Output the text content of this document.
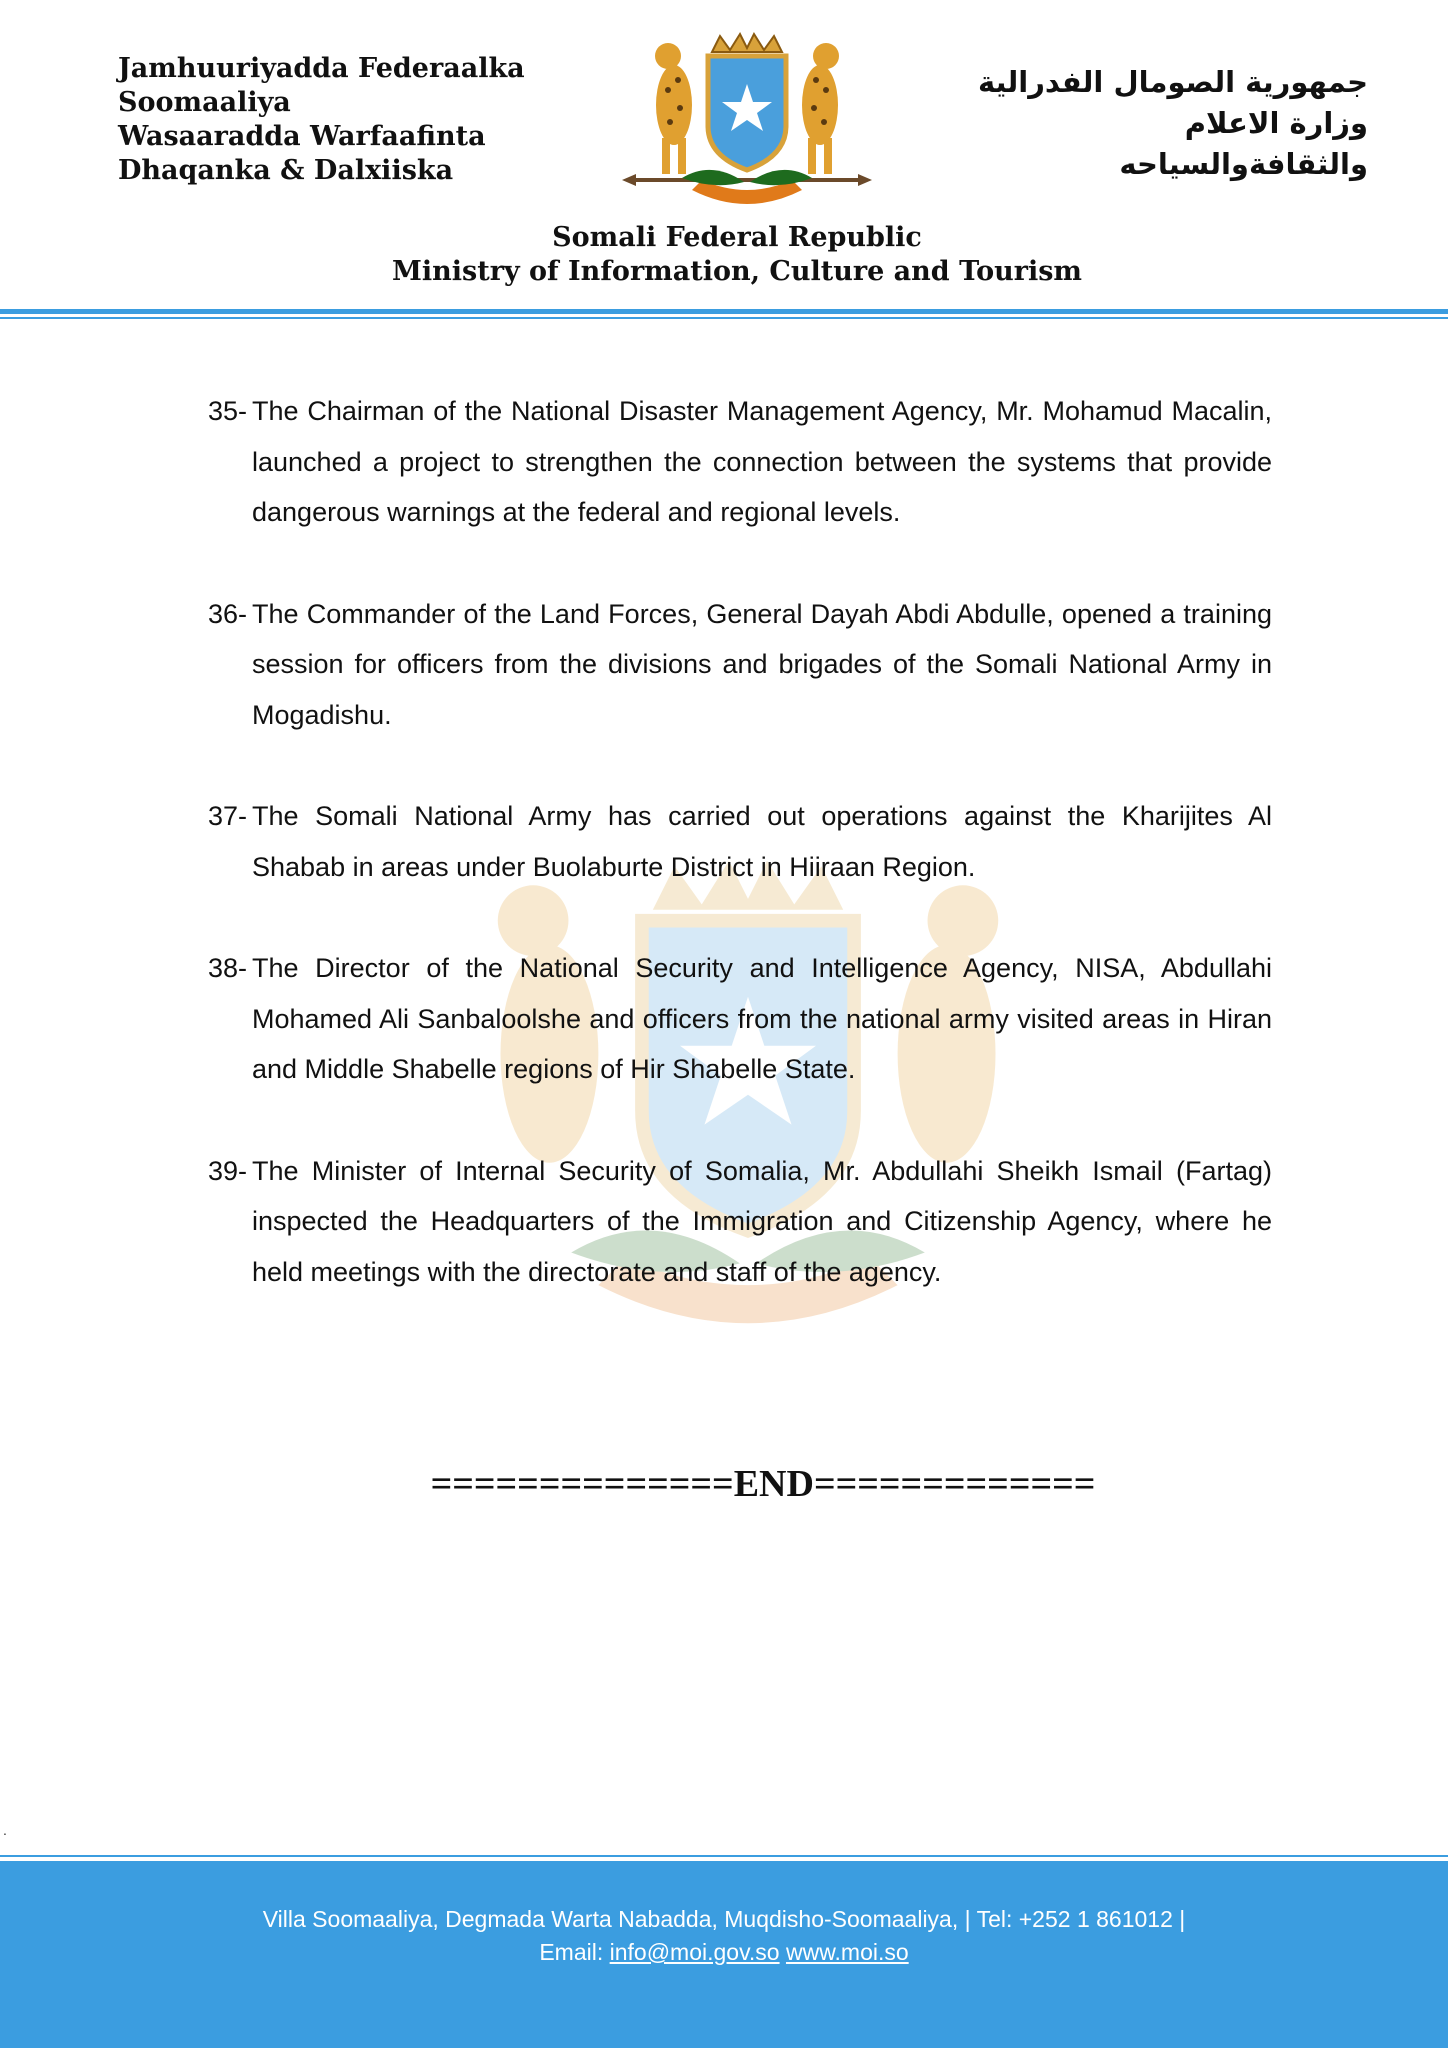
Jamhuuriyadda Federaalka
Soomaaliya
Wasaaradda Warfaafinta
Dhaqanka & Dalxiiska
جمهورية الصومال الفدرالية
وزارة الاعلام
والثقافةوالسياحه
Somali Federal Republic
Ministry of Information, Culture and Tourism
35- The Chairman of the National Disaster Management Agency, Mr. Mohamud Macalin, launched a project to strengthen the connection between the systems that provide dangerous warnings at the federal and regional levels.
36- The Commander of the Land Forces, General Dayah Abdi Abdulle, opened a training session for officers from the divisions and brigades of the Somali National Army in Mogadishu.
37- The Somali National Army has carried out operations against the Kharijites Al Shabab in areas under Buolaburte District in Hiiraan Region.
38- The Director of the National Security and Intelligence Agency, NISA, Abdullahi Mohamed Ali Sanbaloolshe and officers from the national army visited areas in Hiran and Middle Shabelle regions of Hir Shabelle State.
39- The Minister of Internal Security of Somalia, Mr. Abdullahi Sheikh Ismail (Fartag) inspected the Headquarters of the Immigration and Citizenship Agency, where he held meetings with the directorate and staff of the agency.
==============END=============
.
Villa Soomaaliya, Degmada Warta Nabadda, Muqdisho-Soomaaliya, | Tel: +252 1 861012 |
Email: info@moi.gov.so www.moi.so
